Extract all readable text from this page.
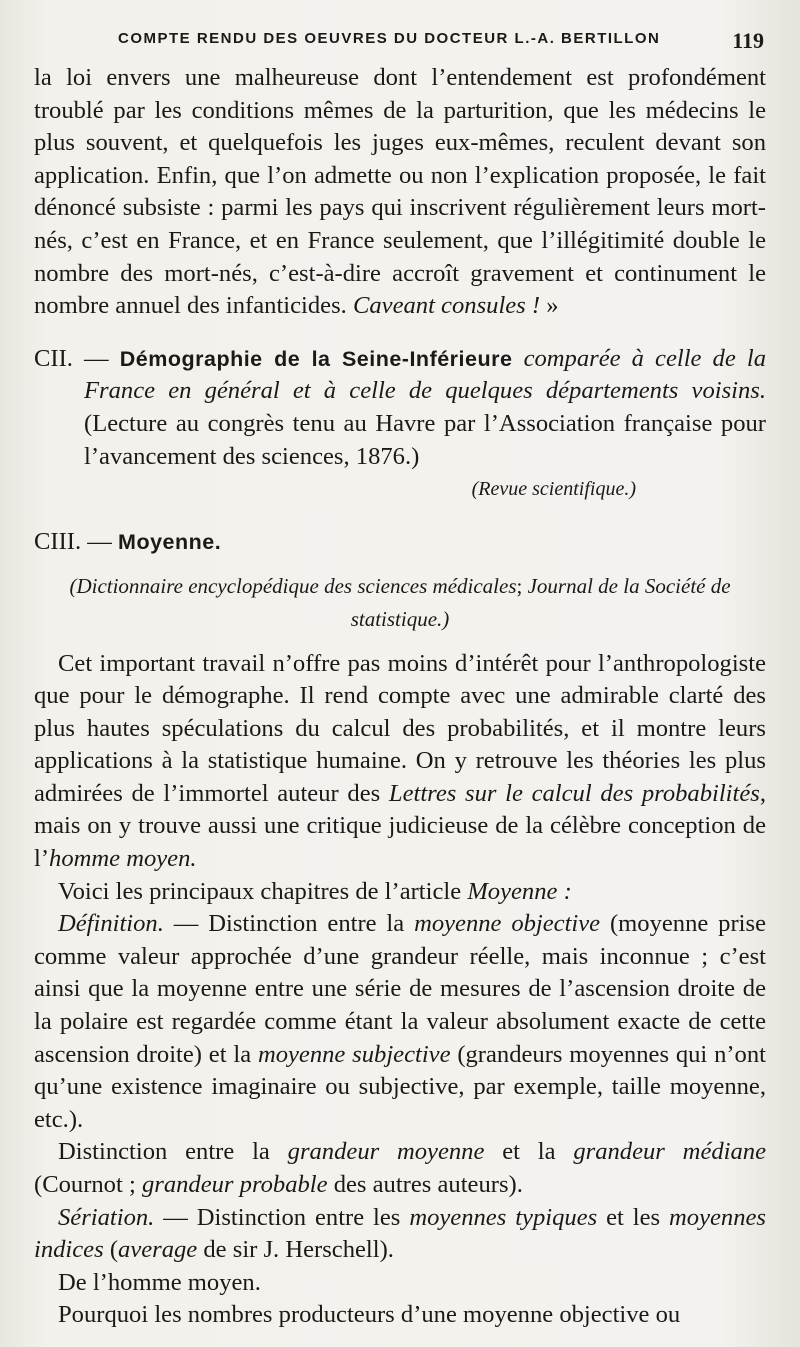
COMPTE RENDU DES OEUVRES DU DOCTEUR L.-A. BERTILLON	119

la loi envers une malheureuse dont l’entendement est profondément troublé par les conditions mêmes de la parturition, que les médecins le plus souvent, et quelquefois les juges eux-mêmes, reculent devant son application. Enfin, que l’on admette ou non l’explication proposée, le fait dénoncé subsiste : parmi les pays qui inscrivent régulièrement leurs mort-nés, c’est en France, et en France seulement, que l’illégitimité double le nombre des mort-nés, c’est-à-dire accroît gravement et continument le nombre annuel des infanticides. Caveant consules ! »

CII. — Démographie de la Seine-Inférieure comparée à celle de la France en général et à celle de quelques départements voisins. (Lecture au congrès tenu au Havre par l’Association française pour l’avancement des sciences, 1876.)

(Revue scientifique.)

CIII. — Moyenne.

(Dictionnaire encyclopédique des sciences médicales; Journal de la Société de statistique.)

Cet important travail n’offre pas moins d’intérêt pour l’anthropologiste que pour le démographe. Il rend compte avec une admirable clarté des plus hautes spéculations du calcul des probabilités, et il montre leurs applications à la statistique humaine. On y retrouve les théories les plus admirées de l’immortel auteur des Lettres sur le calcul des probabilités, mais on y trouve aussi une critique judicieuse de la célèbre conception de l’homme moyen.

Voici les principaux chapitres de l’article Moyenne :

Définition. — Distinction entre la moyenne objective (moyenne prise comme valeur approchée d’une grandeur réelle, mais inconnue ; c’est ainsi que la moyenne entre une série de mesures de l’ascension droite de la polaire est regardée comme étant la valeur absolument exacte de cette ascension droite) et la moyenne subjective (grandeurs moyennes qui n’ont qu’une existence imaginaire ou subjective, par exemple, taille moyenne, etc.).

Distinction entre la grandeur moyenne et la grandeur médiane (Cournot ; grandeur probable des autres auteurs).

Sériation. — Distinction entre les moyennes typiques et les moyennes indices (average de sir J. Herschell).

De l’homme moyen.

Pourquoi les nombres producteurs d’une moyenne objective ou
